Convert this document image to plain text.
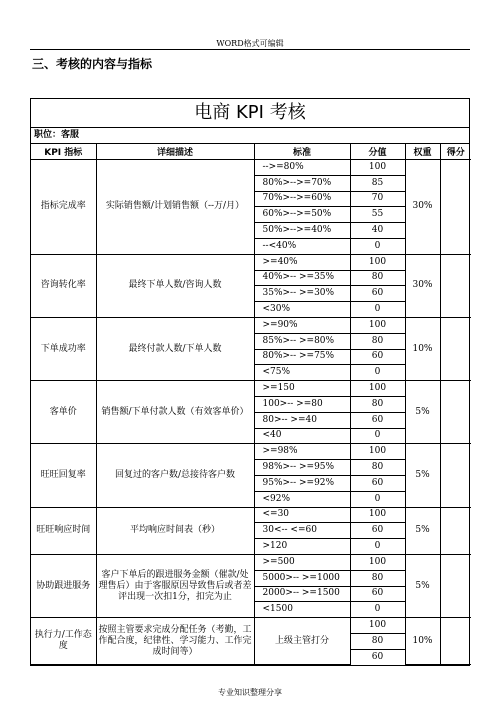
WORD格式可编辑
三、考核的内容与指标
电商 KPI 考核
职位：客服
KPI 指标	详细描述	标准	分值	权重	得分
指标完成率	实际销售额/计划销售额（--万/月）	-->=80%	100	30%	
		80%>-->=70%	85		
		70%>-->=60%	70		
		60%>-->=50%	55		
		50%>-->=40%	40		
		--<40%	0		
咨询转化率	最终下单人数/咨询人数	>=40%	100	30%	
		40%>-- >=35%	80		
		35%>-- >=30%	60		
		<30%	0		
下单成功率	最终付款人数/下单人数	>=90%	100	10%	
		85%>-- >=80%	80		
		80%>-- >=75%	60		
		<75%	0		
客单价	销售额/下单付款人数（有效客单价）	>=150	100	5%	
		100>-- >=80	80		
		80>-- >=40	60		
		<40	0		
旺旺回复率	回复过的客户数/总接待客户数	>=98%	100	5%	
		98%>-- >=95%	80		
		95%>-- >=92%	60		
		<92%	0		
旺旺响应时间	平均响应时间表（秒）	<=30	100	5%	
		30<-- <=60	60		
		>120	0		
协助跟进服务	客户下单后的跟进服务金额（催款/处理售后）由于客服原因导致售后或者差评出现一次扣1分，扣完为止	>=500	100	5%	
		5000>-- >=1000	80		
		2000>-- >=1500	60		
		<1500	0		
执行力/工作态度	按照主管要求完成分配任务（考勤，工作配合度，纪律性、学习能力、工作完成时间等）	上级主管打分	100	10%	
			80		
			60		
专业知识整理分享
